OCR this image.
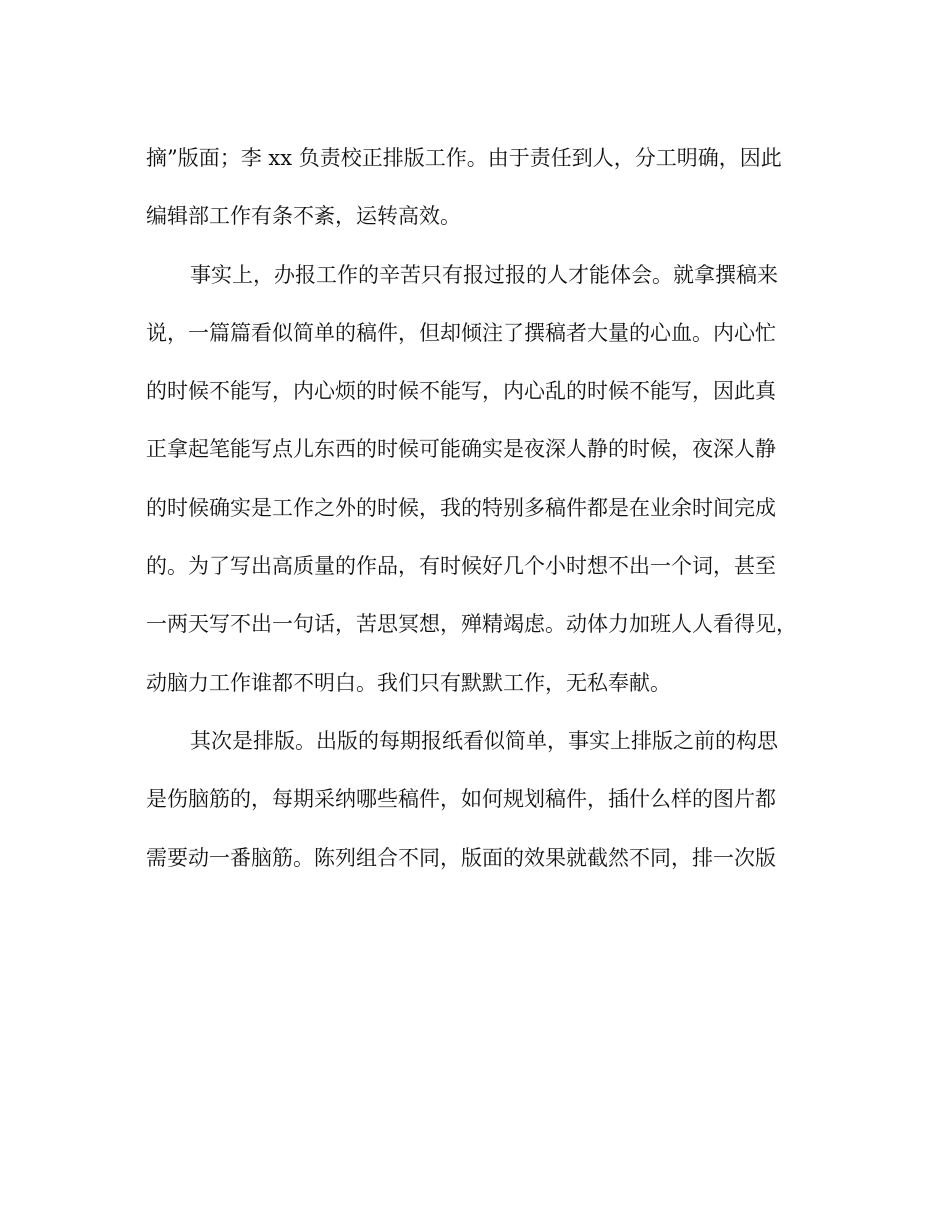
摘”版面；李 xx 负责校正排版工作。由于责任到人，分工明确，因此
编辑部工作有条不紊，运转高效。
事实上，办报工作的辛苦只有报过报的人才能体会。就拿撰稿来
说，一篇篇看似简单的稿件，但却倾注了撰稿者大量的心血。内心忙
的时候不能写，内心烦的时候不能写，内心乱的时候不能写，因此真
正拿起笔能写点儿东西的时候可能确实是夜深人静的时候，夜深人静
的时候确实是工作之外的时候，我的特别多稿件都是在业余时间完成
的。为了写出高质量的作品，有时候好几个小时想不出一个词，甚至
一两天写不出一句话，苦思冥想，殚精竭虑。动体力加班人人看得见，
动脑力工作谁都不明白。我们只有默默工作，无私奉献。
其次是排版。出版的每期报纸看似简单，事实上排版之前的构思
是伤脑筋的，每期采纳哪些稿件，如何规划稿件，插什么样的图片都
需要动一番脑筋。陈列组合不同，版面的效果就截然不同，排一次版
